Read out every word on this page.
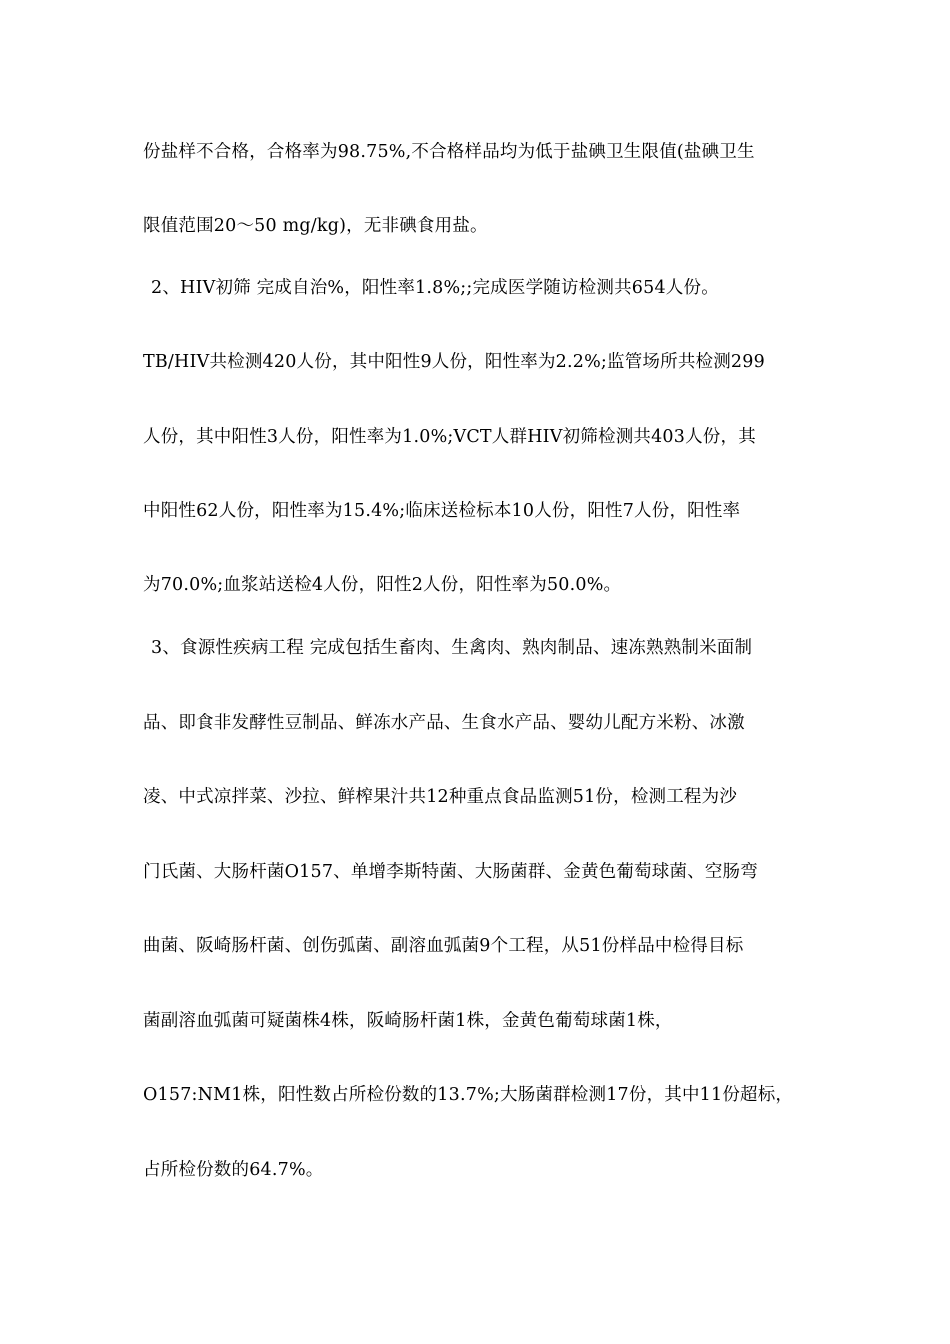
份盐样不合格，合格率为98.75%,不合格样品均为低于盐碘卫生限值(盐碘卫生
限值范围20～50 mg/kg)，无非碘食用盐。
2、HIV初筛 完成自治%，阳性率1.8%;;完成医学随访检测共654人份。
TB/HIV共检测420人份，其中阳性9人份，阳性率为2.2%;监管场所共检测299
人份，其中阳性3人份，阳性率为1.0%;VCT人群HIV初筛检测共403人份，其
中阳性62人份，阳性率为15.4%;临床送检标本10人份，阳性7人份，阳性率
为70.0%;血浆站送检4人份，阳性2人份，阳性率为50.0%。
3、食源性疾病工程 完成包括生畜肉、生禽肉、熟肉制品、速冻熟熟制米面制
品、即食非发酵性豆制品、鲜冻水产品、生食水产品、婴幼儿配方米粉、冰激
凌、中式凉拌菜、沙拉、鲜榨果汁共12种重点食品监测51份，检测工程为沙
门氏菌、大肠杆菌O157、单增李斯特菌、大肠菌群、金黄色葡萄球菌、空肠弯
曲菌、阪崎肠杆菌、创伤弧菌、副溶血弧菌9个工程，从51份样品中检得目标
菌副溶血弧菌可疑菌株4株，阪崎肠杆菌1株，金黄色葡萄球菌1株，
O157:NM1株，阳性数占所检份数的13.7%;大肠菌群检测17份，其中11份超标，
占所检份数的64.7%。
